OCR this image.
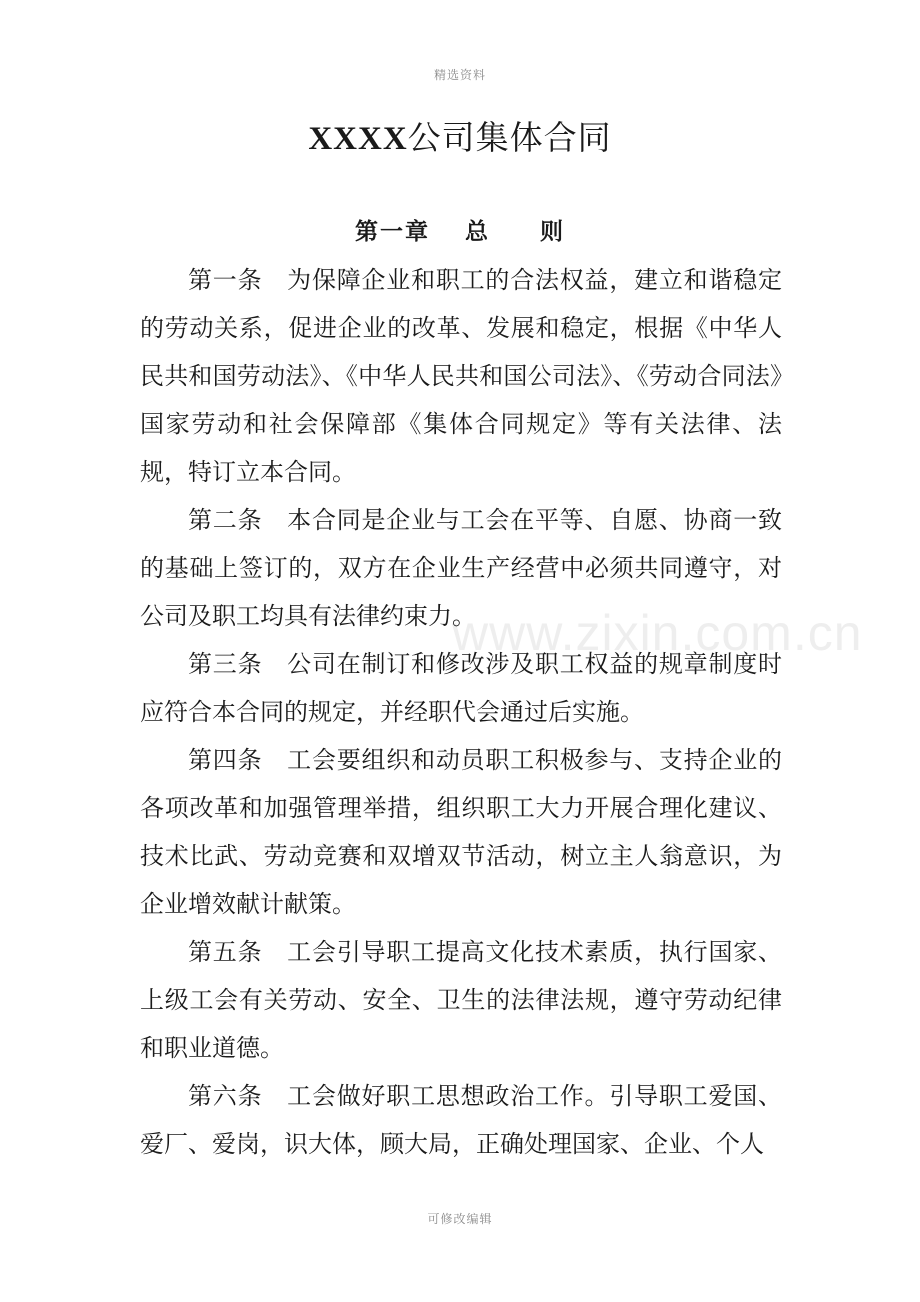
精选资料
XXXX公司集体合同
第一章　 总　　则
www.zixin.com.cn

第一条　 为保障企业和职工的合法权益，建立和谐稳定的劳动关系，促进企业的改革、发展和稳定，根据《中华人民共和国劳动法》、《中华人民共和国公司法》、《劳动合同法》国家劳动和社会保障部《集体合同规定》等有关法律、法规，特订立本合同。

第二条　 本合同是企业与工会在平等、自愿、协商一致的基础上签订的，双方在企业生产经营中必须共同遵守，对公司及职工均具有法律约束力。

第三条　 公司在制订和修改涉及职工权益的规章制度时应符合本合同的规定，并经职代会通过后实施。

第四条　 工会要组织和动员职工积极参与、支持企业的各项改革和加强管理举措，组织职工大力开展合理化建议、技术比武、劳动竞赛和双增双节活动，树立主人翁意识，为企业增效献计献策。

第五条　 工会引导职工提高文化技术素质，执行国家、上级工会有关劳动、安全、卫生的法律法规，遵守劳动纪律和职业道德。

第六条　 工会做好职工思想政治工作。引导职工爱国、爱厂、爱岗，识大体，顾大局，正确处理国家、企业、个人

可修改编辑
